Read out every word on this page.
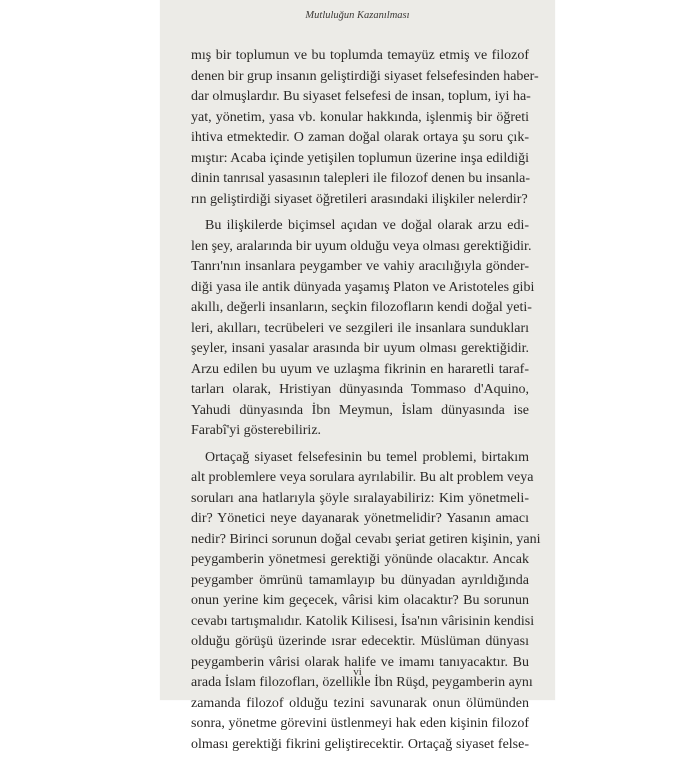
Mutluluğun Kazanılması
mış bir toplumun ve bu toplumda temayüz etmiş ve filozof
denen bir grup insanın geliştirdiği siyaset felsefesinden haber-
dar olmuşlardır. Bu siyaset felsefesi de insan, toplum, iyi ha-
yat, yönetim, yasa vb. konular hakkında, işlenmiş bir öğreti
ihtiva etmektedir. O zaman doğal olarak ortaya şu soru çık-
mıştır: Acaba içinde yetişilen toplumun üzerine inşa edildiği
dinin tanrısal yasasının talepleri ile filozof denen bu insanla-
rın geliştirdiği siyaset öğretileri arasındaki ilişkiler nelerdir?
Bu ilişkilerde biçimsel açıdan ve doğal olarak arzu edi-
len şey, aralarında bir uyum olduğu veya olması gerektiğidir.
Tanrı'nın insanlara peygamber ve vahiy aracılığıyla gönder-
diği yasa ile antik dünyada yaşamış Platon ve Aristoteles gibi
akıllı, değerli insanların, seçkin filozofların kendi doğal yeti-
leri, akılları, tecrübeleri ve sezgileri ile insanlara sundukları
şeyler, insani yasalar arasında bir uyum olması gerektiğidir.
Arzu edilen bu uyum ve uzlaşma fikrinin en hararetli taraf-
tarları olarak, Hristiyan dünyasında Tommaso d'Aquino,
Yahudi dünyasında İbn Meymun, İslam dünyasında ise
Farabî'yi gösterebiliriz.
Ortaçağ siyaset felsefesinin bu temel problemi, birtakım
alt problemlere veya sorulara ayrılabilir. Bu alt problem veya
soruları ana hatlarıyla şöyle sıralayabiliriz: Kim yönetmeli-
dir? Yönetici neye dayanarak yönetmelidir? Yasanın amacı
nedir? Birinci sorunun doğal cevabı şeriat getiren kişinin, yani
peygamberin yönetmesi gerektiği yönünde olacaktır. Ancak
peygamber ömrünü tamamlayıp bu dünyadan ayrıldığında
onun yerine kim geçecek, vârisi kim olacaktır? Bu sorunun
cevabı tartışmalıdır. Katolik Kilisesi, İsa'nın vârisinin kendisi
olduğu görüşü üzerinde ısrar edecektir. Müslüman dünyası
peygamberin vârisi olarak halife ve imamı tanıyacaktır. Bu
arada İslam filozofları, özellikle İbn Rüşd, peygamberin aynı
zamanda filozof olduğu tezini savunarak onun ölümünden
sonra, yönetme görevini üstlenmeyi hak eden kişinin filozof
olması gerektiği fikrini geliştirecektir. Ortaçağ siyaset felse-
vi
